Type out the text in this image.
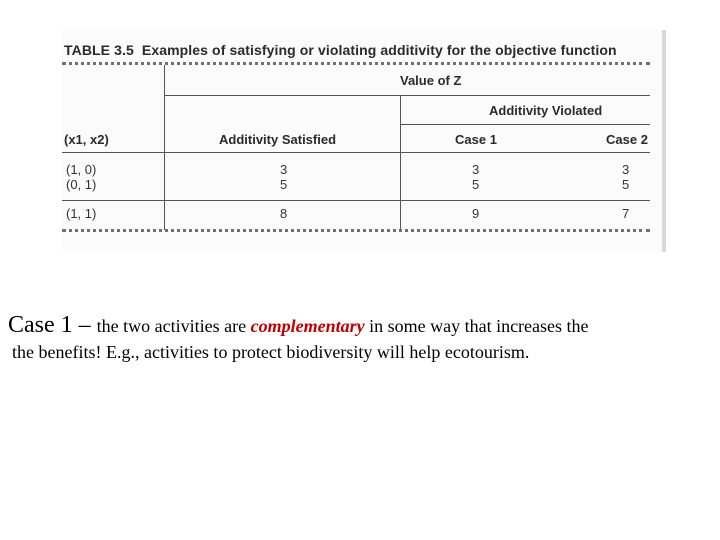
TABLE 3.5 Examples of satisfying or violating additivity for the objective function
Value of Z
Additivity Violated
(x1, x2)	Additivity Satisfied	Case 1	Case 2
(1, 0)	3	3	3
(0, 1)	5	5	5
(1, 1)	8	9	7
Case 1 – the two activities are complementary in some way that increases the
the benefits! E.g., activities to protect biodiversity will help ecotourism.
